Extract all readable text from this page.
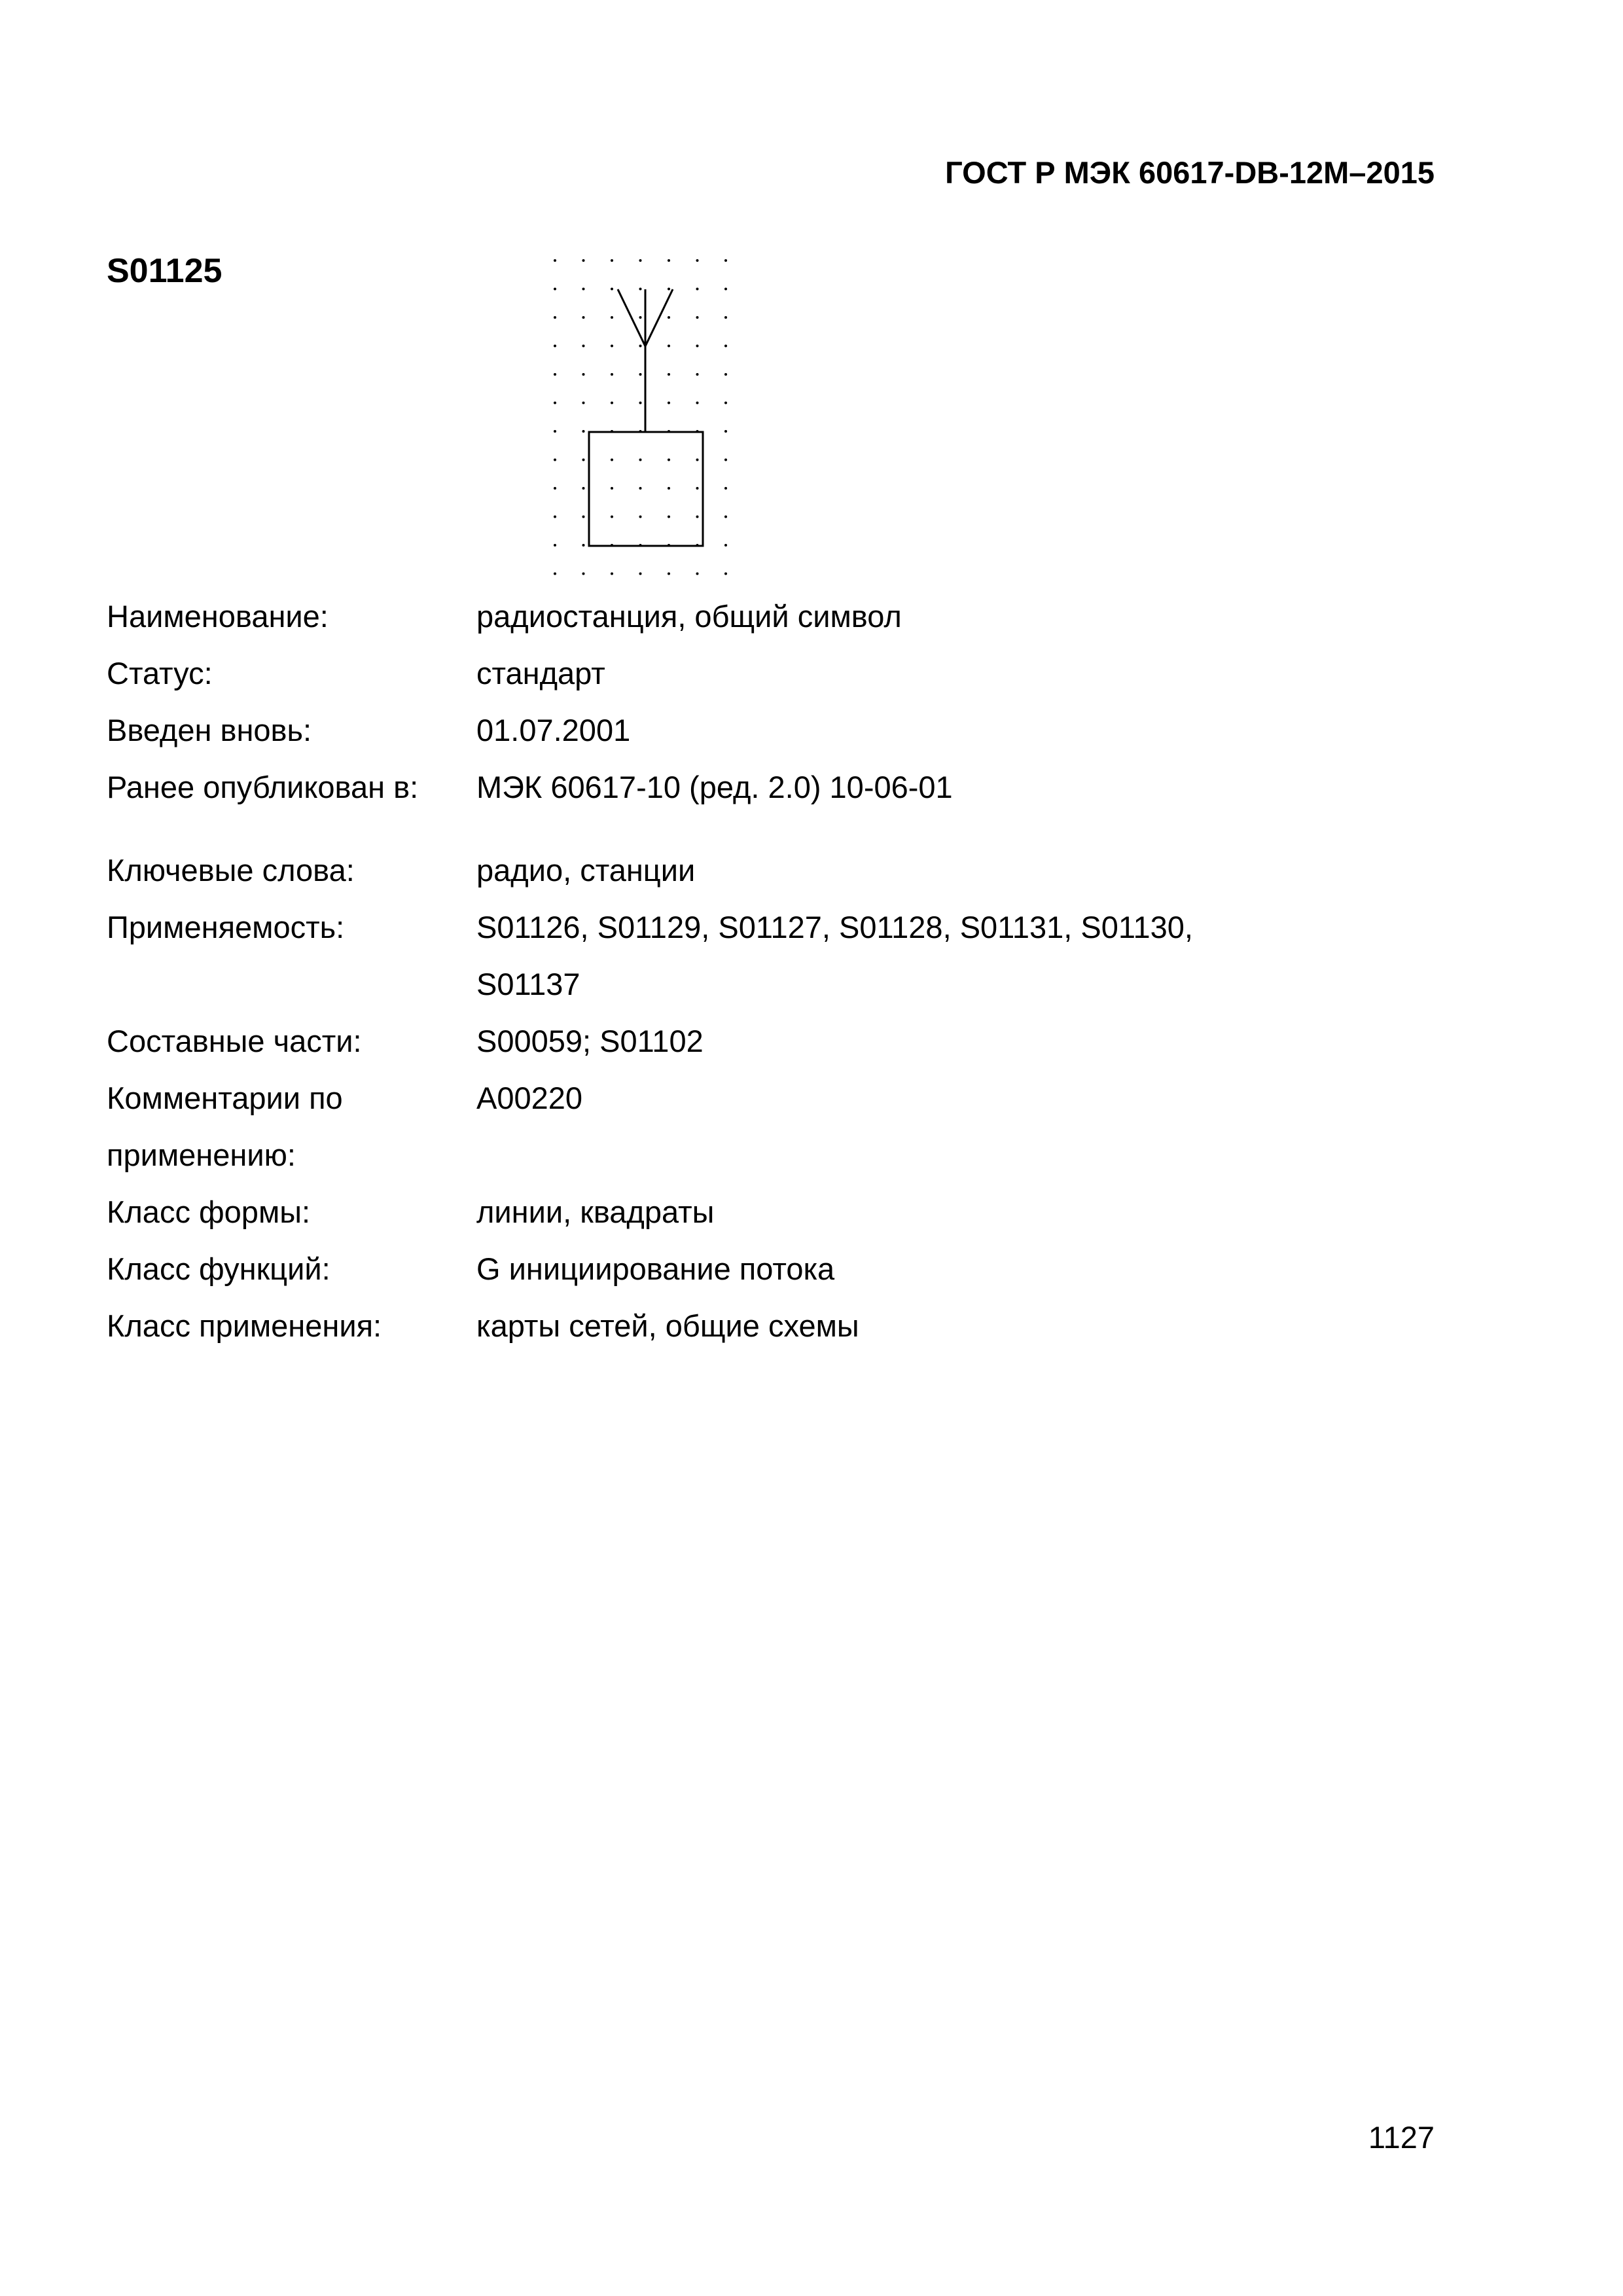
ГОСТ Р МЭК 60617-DB-12M–2015
S01125
Наименование:	радиостанция, общий символ
Статус:	стандарт
Введен вновь:	01.07.2001
Ранее опубликован в:	МЭК 60617-10 (ред. 2.0) 10-06-01
Ключевые слова:	радио, станции
Применяемость:	S01126, S01129, S01127, S01128, S01131, S01130,
S01137
Составные части:	S00059; S01102
Комментарии по	A00220
применению:
Класс формы:	линии, квадраты
Класс функций:	G инициирование потока
Класс применения:	карты сетей, общие схемы
1127
